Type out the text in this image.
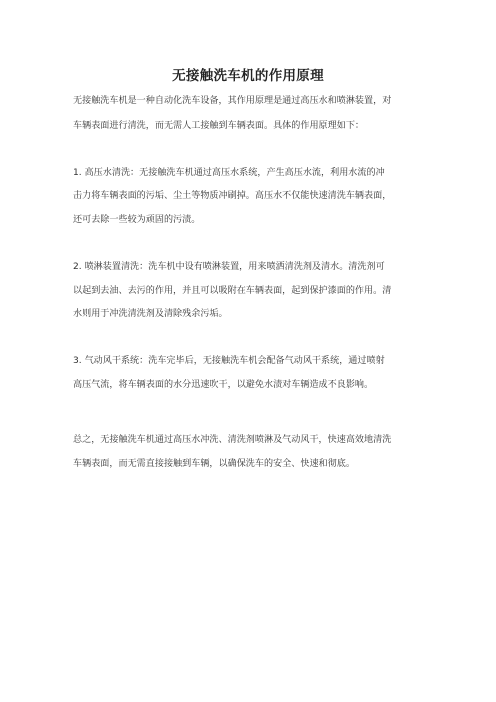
无接触洗车机的作用原理
无接触洗车机是一种自动化洗车设备，其作用原理是通过高压水和喷淋装置，对
车辆表面进行清洗，而无需人工接触到车辆表面。具体的作用原理如下：
1. 高压水清洗：无接触洗车机通过高压水系统，产生高压水流，利用水流的冲
击力将车辆表面的污垢、尘土等物质冲刷掉。高压水不仅能快速清洗车辆表面，
还可去除一些较为顽固的污渍。
2. 喷淋装置清洗：洗车机中设有喷淋装置，用来喷洒清洗剂及清水。清洗剂可
以起到去油、去污的作用，并且可以吸附在车辆表面，起到保护漆面的作用。清
水则用于冲洗清洗剂及清除残余污垢。
3. 气动风干系统：洗车完毕后，无接触洗车机会配备气动风干系统，通过喷射
高压气流，将车辆表面的水分迅速吹干，以避免水渍对车辆造成不良影响。
总之，无接触洗车机通过高压水冲洗、清洗剂喷淋及气动风干，快速高效地清洗
车辆表面，而无需直接接触到车辆，以确保洗车的安全、快速和彻底。
